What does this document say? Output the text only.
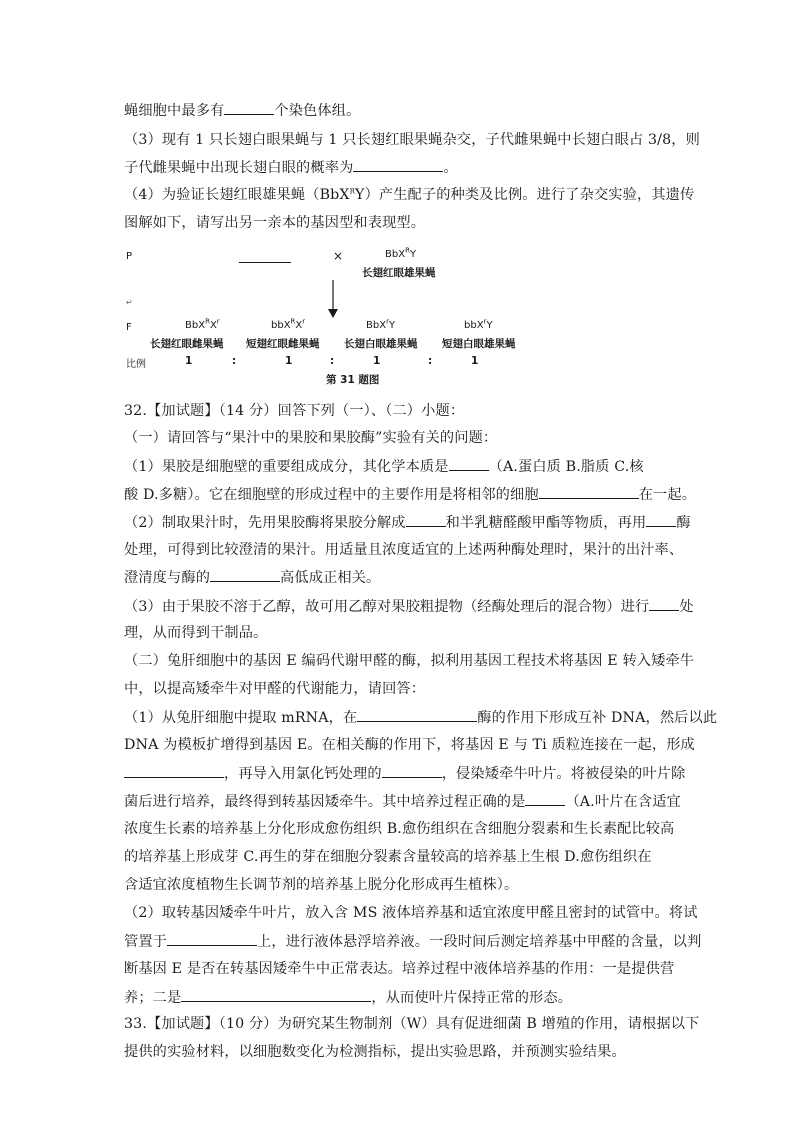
蝇细胞中最多有	个染色体组。
（3）现有 1 只长翅白眼果蝇与 1 只长翅红眼果蝇杂交，子代雌果蝇中长翅白眼占 3/8，则
子代雌果蝇中出现长翅白眼的概率为	。
（4）为验证长翅红眼雄果蝇（BbX$^R$Y）产生配子的种类及比例。进行了杂交实验，其遗传
图解如下，请写出另一亲本的基因型和表现型。
P	×	BbX$^R$Y
长翅红眼雄果蝇
↵
F	$BbX^RX^r$	$bbX^RX^r$	BbX$^r$Y	bbX$^r$Y
长翅红眼雌果蝇 短翅红眼雌果蝇 长翅白眼雄果蝇 短翅白眼雄果蝇
比例	1	:	1	:	1	:	1
第 31 题图
32.【加试题】（14 分）回答下列（一）、（二）小题：
（一）请回答与“果汁中的果胶和果胶酶”实验有关的问题：
（1）果胶是细胞壁的重要组成成分，其化学本质是	（A.蛋白质 B.脂质 C.核
酸 D.多糖）。它在细胞壁的形成过程中的主要作用是将相邻的细胞	在一起。
（2）制取果汁时，先用果胶酶将果胶分解成	和半乳糖醛酸甲酯等物质，再用 酶
处理，可得到比较澄清的果汁。用适量且浓度适宜的上述两种酶处理时，果汁的出汁率、
澄清度与酶的	高低成正相关。
（3）由于果胶不溶于乙醇，故可用乙醇对果胶粗提物（经酶处理后的混合物）进行 处
理，从而得到干制品。
（二）兔肝细胞中的基因 E 编码代谢甲醛的酶，拟利用基因工程技术将基因 E 转入矮牵牛
中，以提高矮牵牛对甲醛的代谢能力，请回答：
（1）从兔肝细胞中提取 mRNA，在	酶的作用下形成互补 DNA，然后以此
DNA 为模板扩增得到基因 E。在相关酶的作用下，将基因 E 与 Ti 质粒连接在一起，形成
，再导入用氯化钙处理的	，侵染矮牵牛叶片。将被侵染的叶片除
菌后进行培养，最终得到转基因矮牵牛。其中培养过程正确的是	（A.叶片在含适宜
浓度生长素的培养基上分化形成愈伤组织 B.愈伤组织在含细胞分裂素和生长素配比较高
的培养基上形成芽 C.再生的芽在细胞分裂素含量较高的培养基上生根 D.愈伤组织在
含适宜浓度植物生长调节剂的培养基上脱分化形成再生植株）。
（2）取转基因矮牵牛叶片，放入含 MS 液体培养基和适宜浓度甲醛且密封的试管中。将试
管置于	上，进行液体悬浮培养液。一段时间后测定培养基中甲醛的含量，以判
断基因 E 是否在转基因矮牵牛中正常表达。培养过程中液体培养基的作用：一是提供营
养；二是	，从而使叶片保持正常的形态。
33.【加试题】（10 分）为研究某生物制剂（W）具有促进细菌 B 增殖的作用，请根据以下
提供的实验材料，以细胞数变化为检测指标，提出实验思路，并预测实验结果。
